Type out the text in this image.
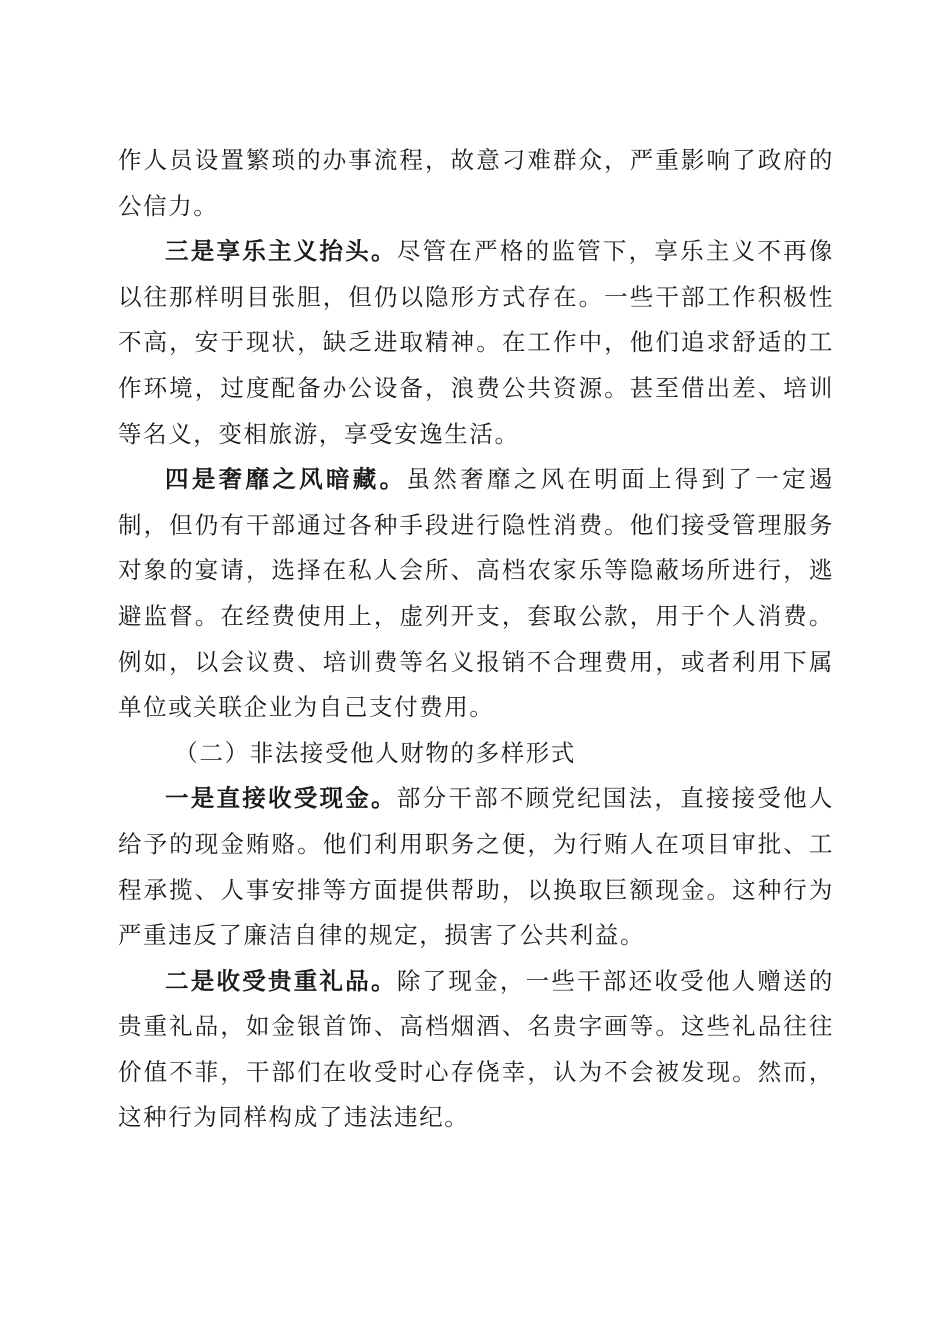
作人员设置繁琐的办事流程，故意刁难群众，严重影响了政府的公信力。

三是享乐主义抬头。尽管在严格的监管下，享乐主义不再像以往那样明目张胆，但仍以隐形方式存在。一些干部工作积极性不高，安于现状，缺乏进取精神。在工作中，他们追求舒适的工作环境，过度配备办公设备，浪费公共资源。甚至借出差、培训等名义，变相旅游，享受安逸生活。

四是奢靡之风暗藏。虽然奢靡之风在明面上得到了一定遏制，但仍有干部通过各种手段进行隐性消费。他们接受管理服务对象的宴请，选择在私人会所、高档农家乐等隐蔽场所进行，逃避监督。在经费使用上，虚列开支，套取公款，用于个人消费。例如，以会议费、培训费等名义报销不合理费用，或者利用下属单位或关联企业为自己支付费用。

（二）非法接受他人财物的多样形式

一是直接收受现金。部分干部不顾党纪国法，直接接受他人给予的现金贿赂。他们利用职务之便，为行贿人在项目审批、工程承揽、人事安排等方面提供帮助，以换取巨额现金。这种行为严重违反了廉洁自律的规定，损害了公共利益。

二是收受贵重礼品。除了现金，一些干部还收受他人赠送的贵重礼品，如金银首饰、高档烟酒、名贵字画等。这些礼品往往价值不菲，干部们在收受时心存侥幸，认为不会被发现。然而，这种行为同样构成了违法违纪。
